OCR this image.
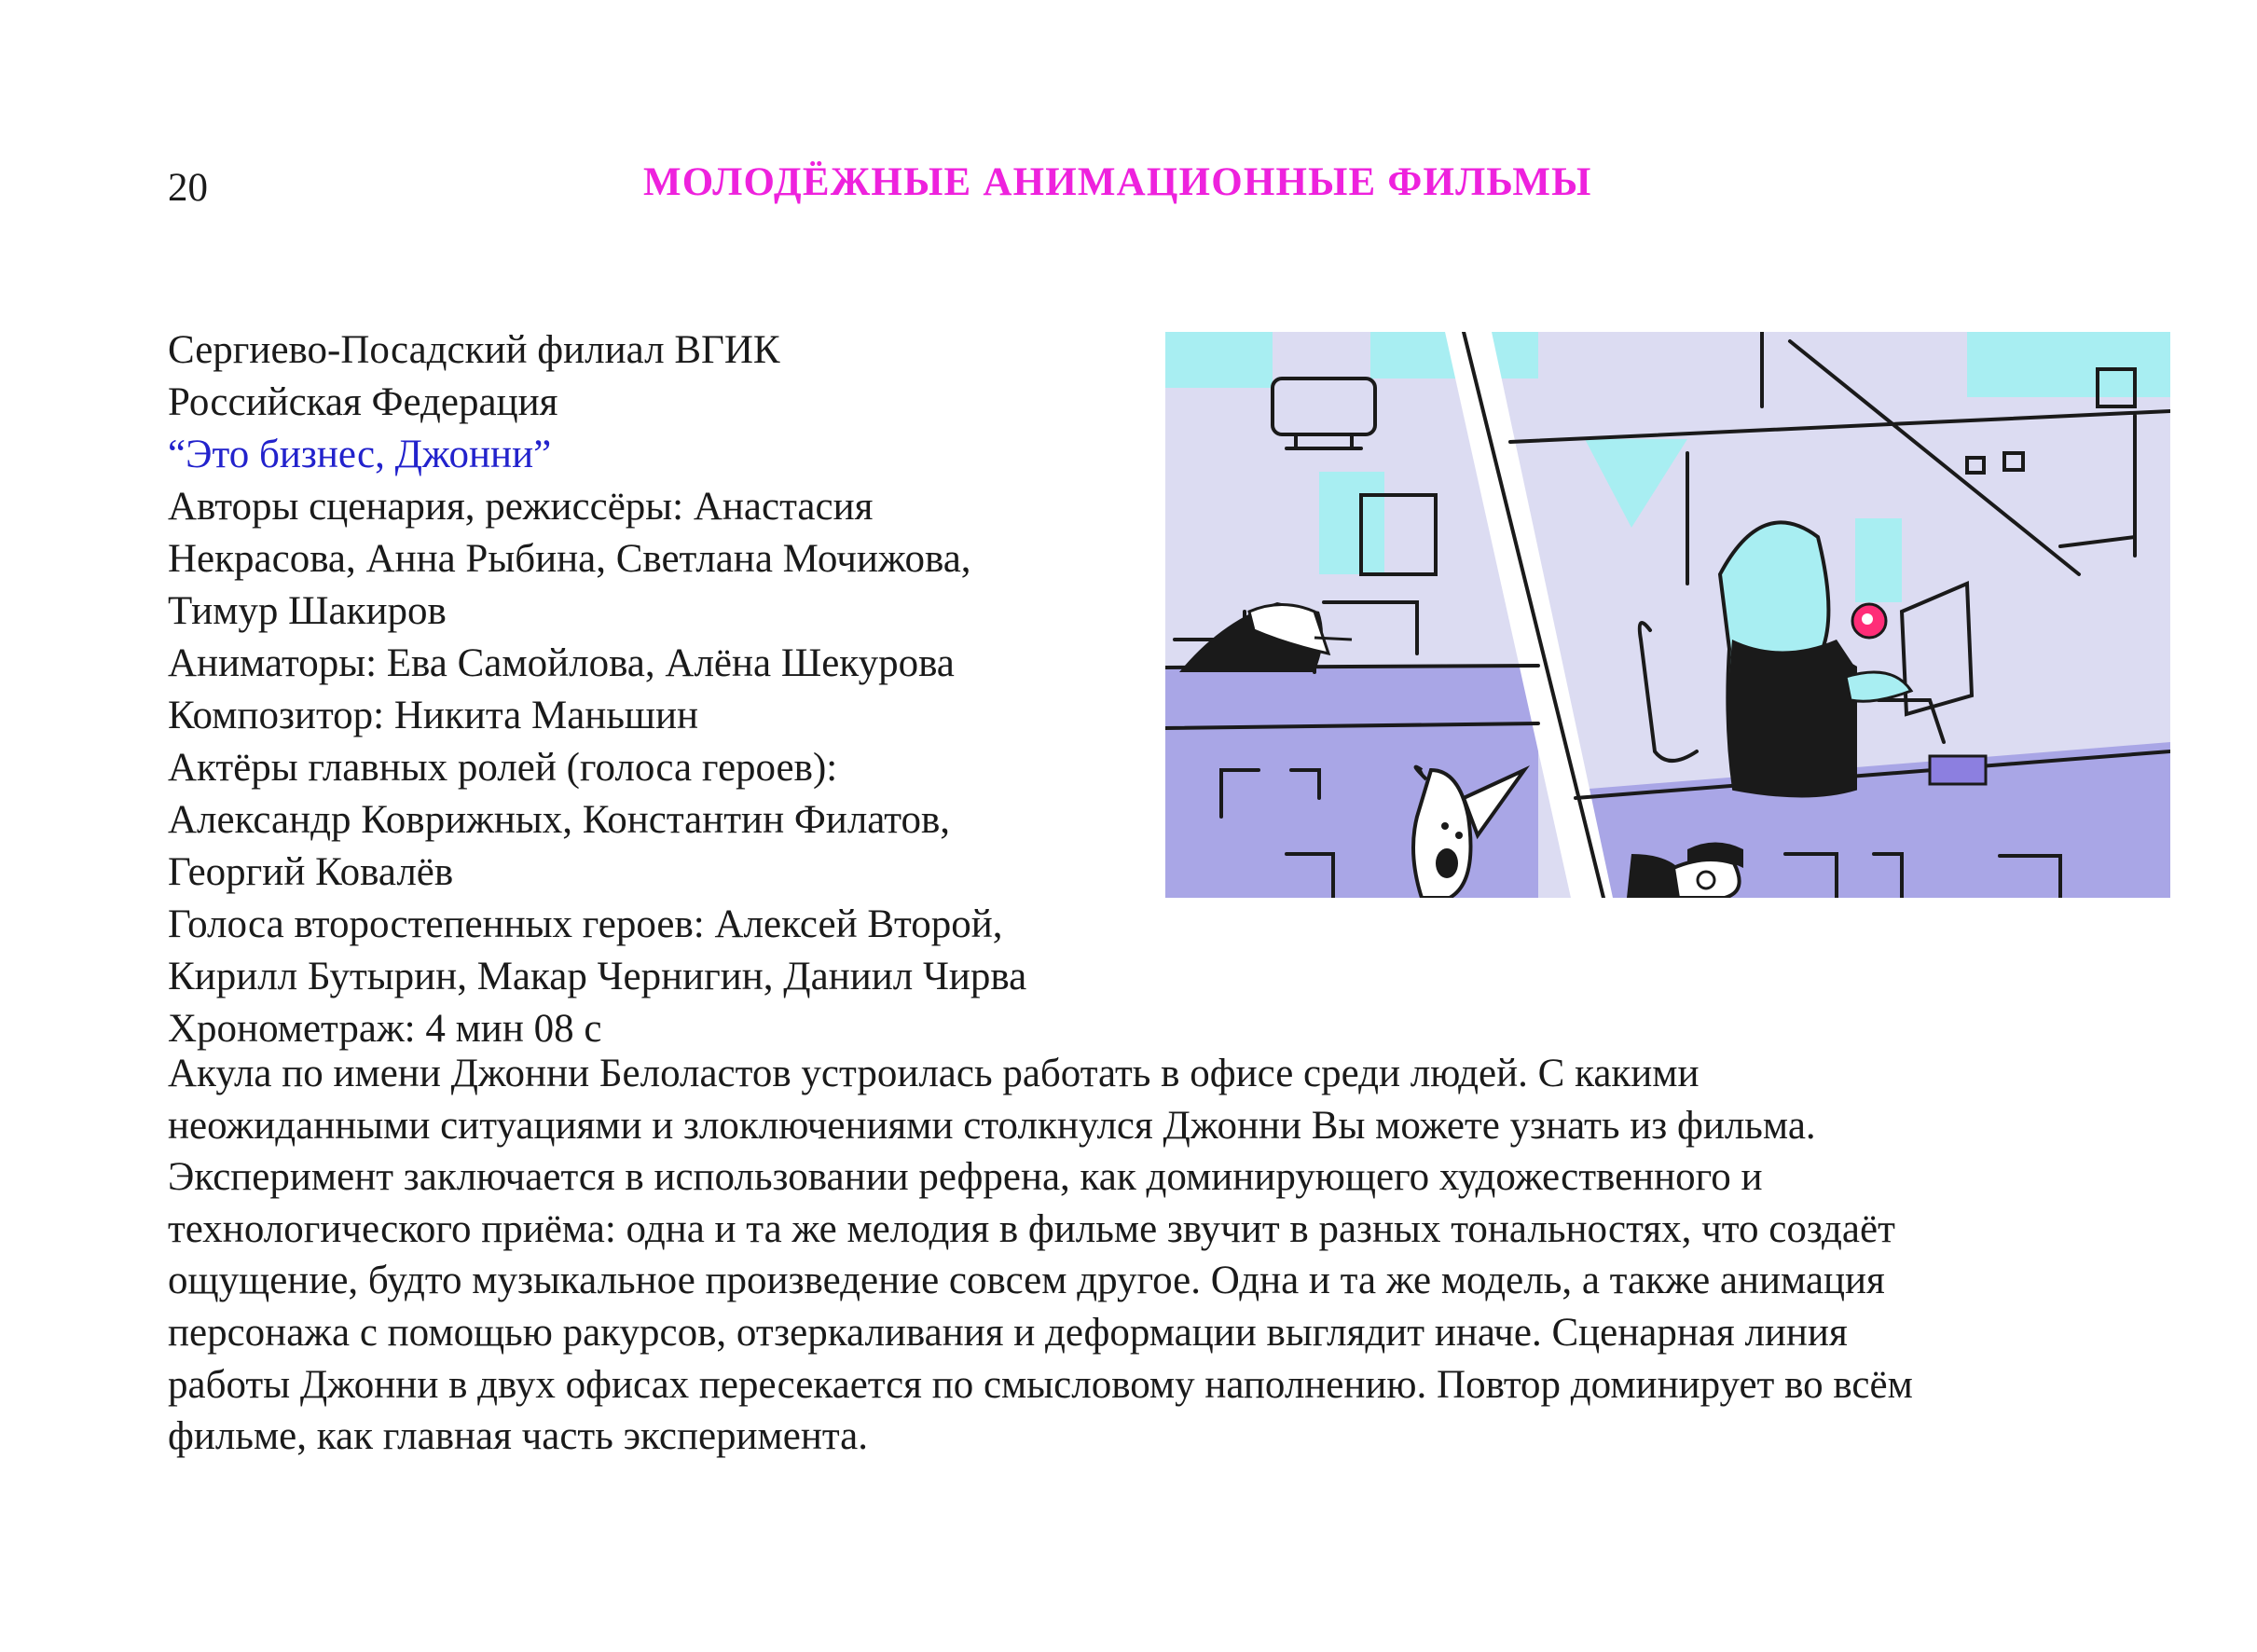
20	МОЛОДЁЖНЫЕ АНИМАЦИОННЫЕ ФИЛЬМЫ
Сергиево-Посадский филиал ВГИК
Российская Федерация
“Это бизнес, Джонни”
Авторы сценария, режиссёры: Анастасия
Некрасова, Анна Рыбина, Светлана Мочижова,
Тимур Шакиров
Аниматоры: Ева Самойлова, Алёна Шекурова
Композитор: Никита Маньшин
Актёры главных ролей (голоса героев):
Александр Коврижных, Константин Филатов,
Георгий Ковалёв
Голоса второстепенных героев: Алексей Второй,
Кирилл Бутырин, Макар Чернигин, Даниил Чирва
Хронометраж: 4 мин 08 с
Акула по имени Джонни Белоластов устроилась работать в офисе среди людей. С какими
неожиданными ситуациями и злоключениями столкнулся Джонни Вы можете узнать из фильма.
Эксперимент заключается в использовании рефрена, как доминирующего художественного и
технологического приёма: одна и та же мелодия в фильме звучит в разных тональностях, что создаёт
ощущение, будто музыкальное произведение совсем другое. Одна и та же модель, а также анимация
персонажа с помощью ракурсов, отзеркаливания и деформации выглядит иначе. Сценарная линия
работы Джонни в двух офисах пересекается по смысловому наполнению. Повтор доминирует во всём
фильме, как главная часть эксперимента.
